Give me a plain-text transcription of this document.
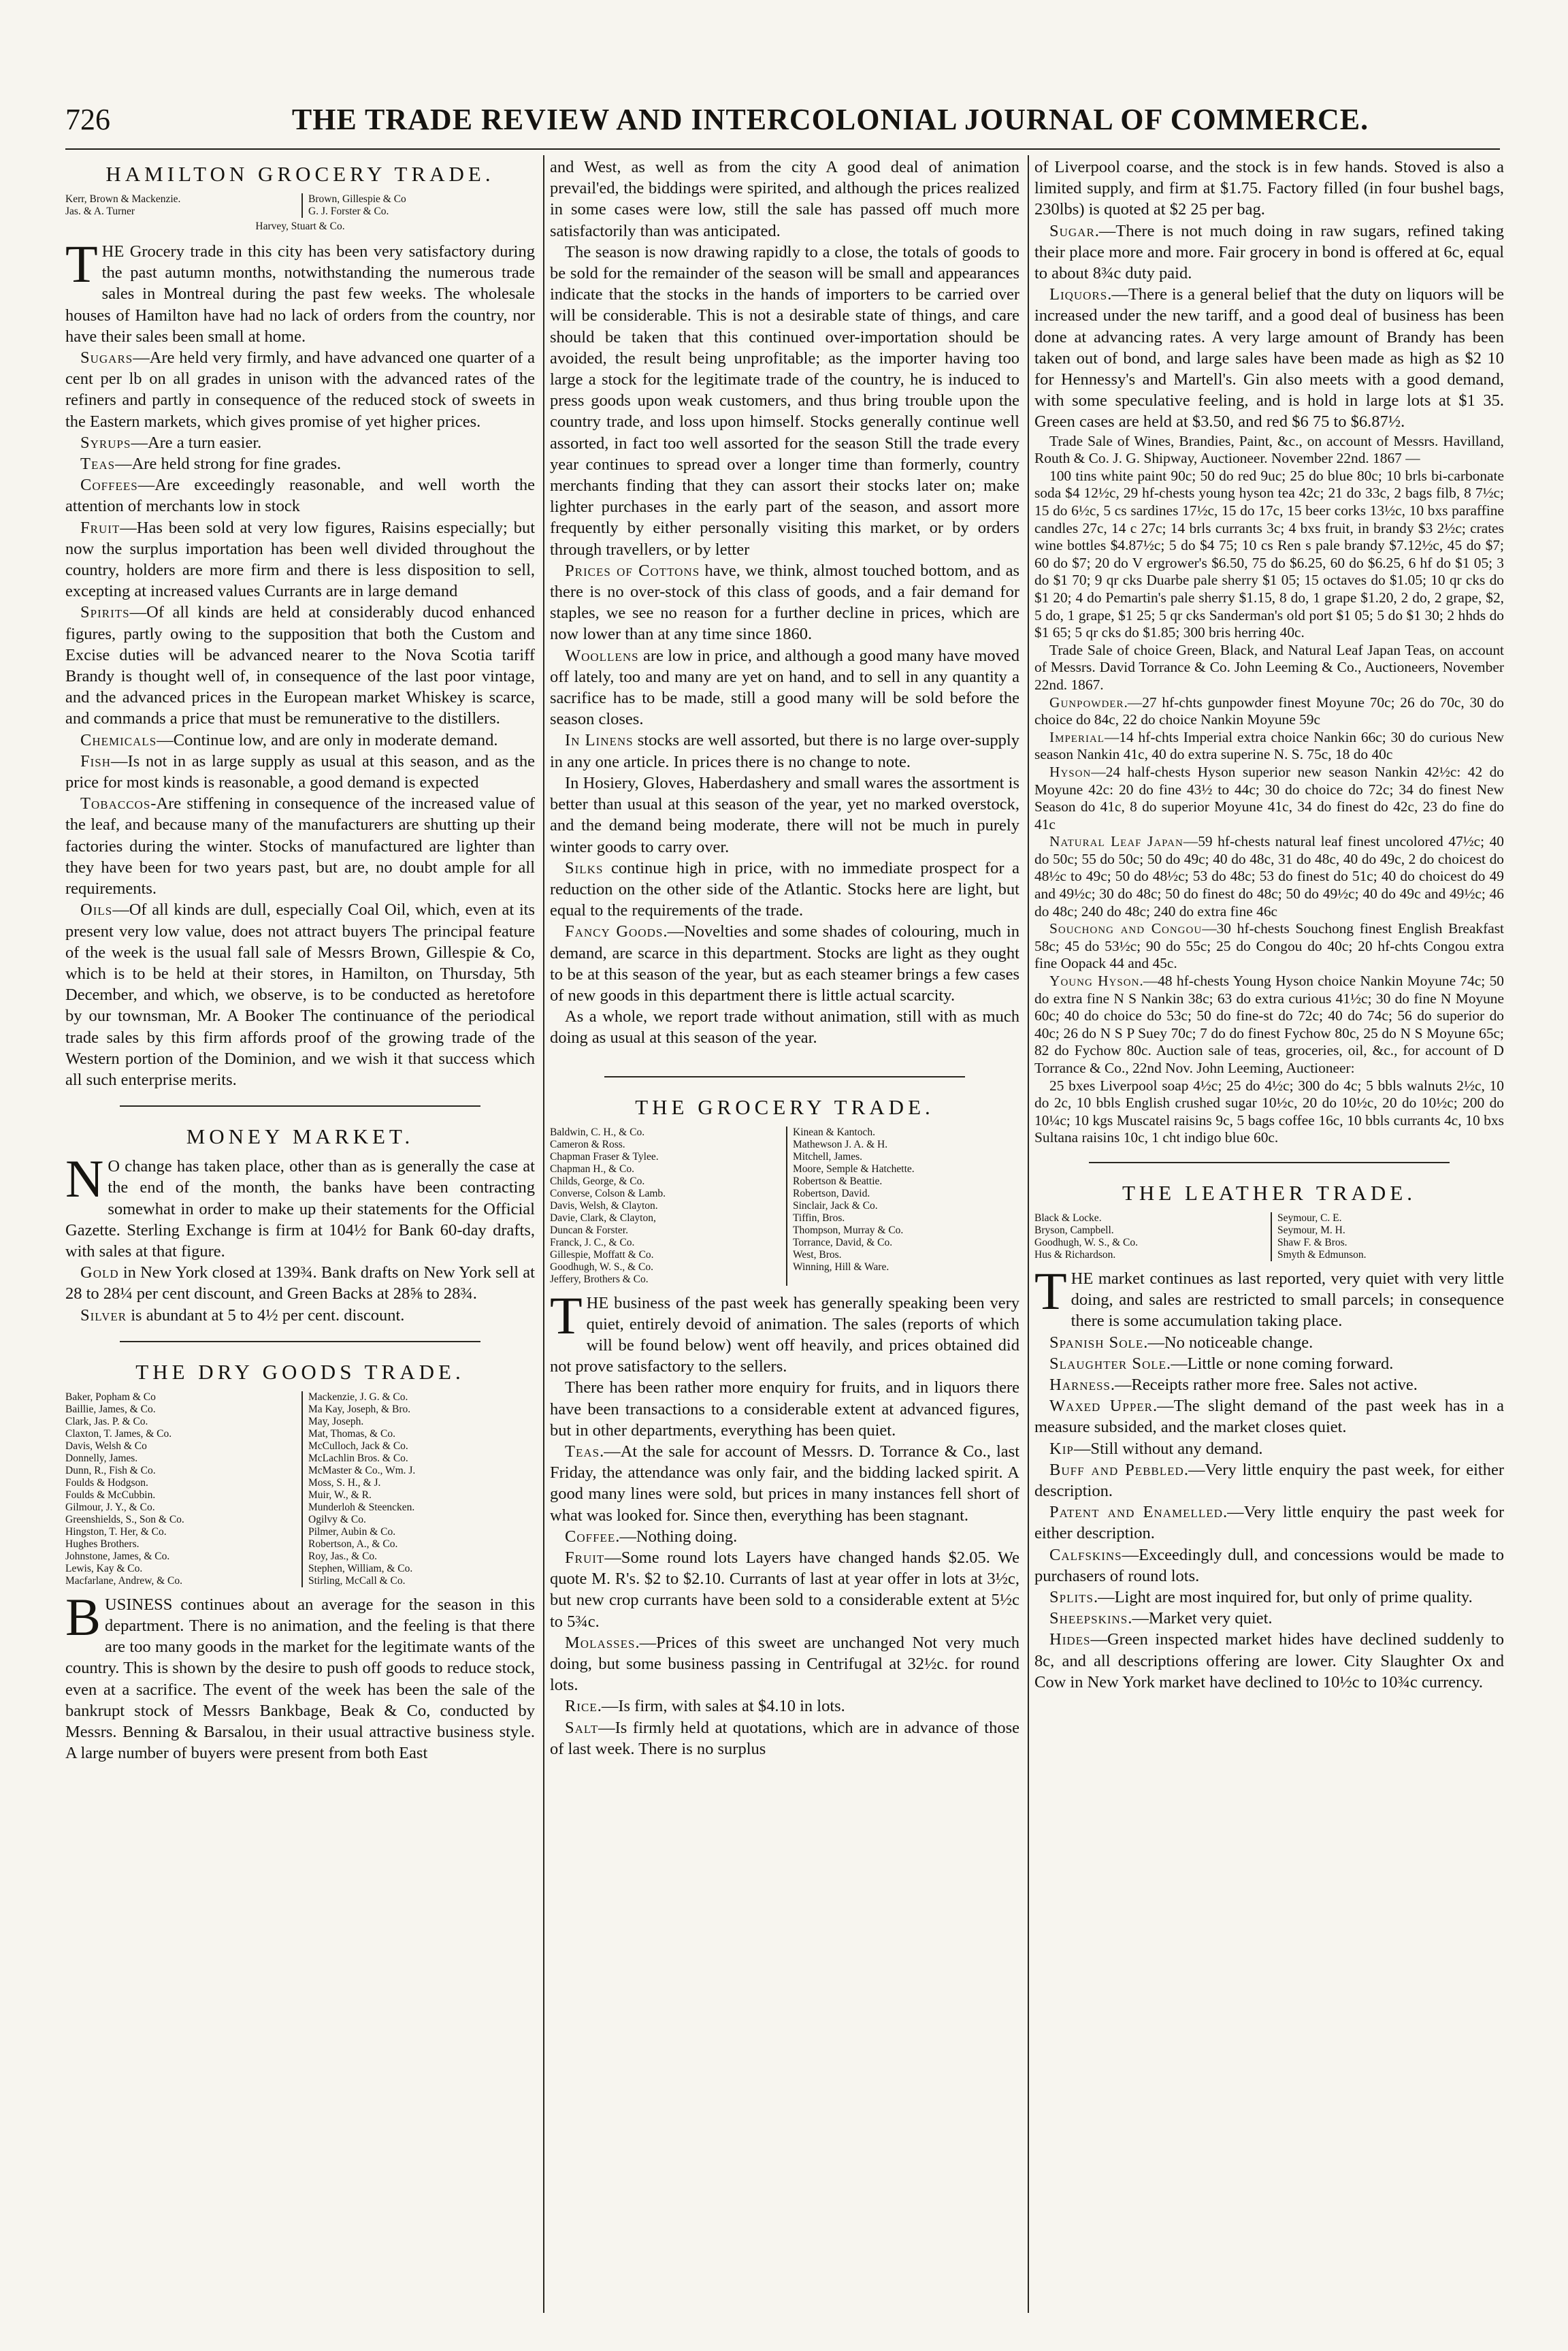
726	THE TRADE REVIEW AND INTERCOLONIAL JOURNAL OF COMMERCE.
HAMILTON GROCERY TRADE.
Kerr, Brown & Mackenzie.
Jas. & A. Turner
Brown, Gillespie & Co
G. J. Forster & Co.
Harvey, Stuart & Co.

THE Grocery trade in this city has been very satisfactory during the past autumn months, notwithstanding the numerous trade sales in Montreal during the past few weeks. The wholesale houses of Hamilton have had no lack of orders from the country, nor have their sales been small at home.

Sugars—Are held very firmly, and have advanced one quarter of a cent per lb on all grades in unison with the advanced rates of the refiners and partly in consequence of the reduced stock of sweets in the Eastern markets, which gives promise of yet higher prices.

Syrups—Are a turn easier.

Teas—Are held strong for fine grades.

Coffees—Are exceedingly reasonable, and well worth the attention of merchants low in stock

Fruit—Has been sold at very low figures, Raisins especially; but now the surplus importation has been well divided throughout the country, holders are more firm and there is less disposition to sell, excepting at increased values Currants are in large demand

Spirits—Of all kinds are held at considerably ducod enhanced figures, partly owing to the supposition that both the Custom and Excise duties will be advanced nearer to the Nova Scotia tariff Brandy is thought well of, in consequence of the last poor vintage, and the advanced prices in the European market Whiskey is scarce, and commands a price that must be remunerative to the distillers.

Chemicals—Continue low, and are only in moderate demand.

Fish—Is not in as large supply as usual at this season, and as the price for most kinds is reasonable, a good demand is expected

Tobaccos-Are stiffening in consequence of the increased value of the leaf, and because many of the manufacturers are shutting up their factories during the winter. Stocks of manufactured are lighter than they have been for two years past, but are, no doubt ample for all requirements.

Oils—Of all kinds are dull, especially Coal Oil, which, even at its present very low value, does not attract buyers The principal feature of the week is the usual fall sale of Messrs Brown, Gillespie & Co, which is to be held at their stores, in Hamilton, on Thursday, 5th December, and which, we observe, is to be conducted as heretofore by our townsman, Mr. A Booker The continuance of the periodical trade sales by this firm affords proof of the growing trade of the Western portion of the Dominion, and we wish it that success which all such enterprise merits.

MONEY MARKET.

N O change has taken place, other than as is generally the case at the end of the month, the banks have been contracting somewhat in order to make up their statements for the Official Gazette. Sterling Exchange is firm at 104½ for Bank 60-day drafts, with sales at that figure.

Gold in New York closed at 139¾. Bank drafts on New York sell at 28 to 28¼ per cent discount, and Green Backs at 28⅝ to 28¾.

Silver is abundant at 5 to 4½ per cent. discount.

THE DRY GOODS TRADE.
Baker, Popham & Co
Baillie, James, & Co.
Clark, Jas. P. & Co.
Claxton, T. James, & Co.
Davis, Welsh & Co
Donnelly, James.
Dunn, R., Fish & Co.
Foulds & Hodgson.
Foulds & McCubbin.
Gilmour, J. Y., & Co.
Greenshields, S., Son & Co.
Hingston, T. Her, & Co.
Hughes Brothers.
Johnstone, James, & Co.
Lewis, Kay & Co.
Macfarlane, Andrew, & Co.
Mackenzie, J. G. & Co.
Ma Kay, Joseph, & Bro.
May, Joseph.
Mat, Thomas, & Co.
McCulloch, Jack & Co.
McLachlin Bros. & Co.
McMaster & Co., Wm. J.
Moss, S. H., & J.
Muir, W., & R.
Munderloh & Steencken.
Ogilvy & Co.
Pilmer, Aubin & Co.
Robertson, A., & Co.
Roy, Jas., & Co.
Stephen, William, & Co.
Stirling, McCall & Co.

BUSINESS continues about an average for the season in this department. There is no animation, and the feeling is that there are too many goods in the market for the legitimate wants of the country. This is shown by the desire to push off goods to reduce stock, even at a sacrifice. The event of the week has been the sale of the bankrupt stock of Messrs Bankbage, Beak & Co, conducted by Messrs. Benning & Barsalou, in their usual attractive business style. A large number of buyers were present from both East

and West, as well as from the city A good deal of animation prevail'ed, the biddings were spirited, and although the prices realized in some cases were low, still the sale has passed off much more satisfactorily than was anticipated.

The season is now drawing rapidly to a close, the totals of goods to be sold for the remainder of the season will be small and appearances indicate that the stocks in the hands of importers to be carried over will be considerable. This is not a desirable state of things, and care should be taken that this continued over-importation should be avoided, the result being unprofitable; as the importer having too large a stock for the legitimate trade of the country, he is induced to press goods upon weak customers, and thus bring trouble upon the country trade, and loss upon himself. Stocks generally continue well assorted, in fact too well assorted for the season Still the trade every year continues to spread over a longer time than formerly, country merchants finding that they can assort their stocks later on; make lighter purchases in the early part of the season, and assort more frequently by either personally visiting this market, or by orders through travellers, or by letter

Prices of Cottons have, we think, almost touched bottom, and as there is no over-stock of this class of goods, and a fair demand for staples, we see no reason for a further decline in prices, which are now lower than at any time since 1860.

Woollens are low in price, and although a good many have moved off lately, too and many are yet on hand, and to sell in any quantity a sacrifice has to be made, still a good many will be sold before the season closes.

In Linens stocks are well assorted, but there is no large over-supply in any one article. In prices there is no change to note.

In Hosiery, Gloves, Haberdashery and small wares the assortment is better than usual at this season of the year, yet no marked overstock, and the demand being moderate, there will not be much in purely winter goods to carry over.

Silks continue high in price, with no immediate prospect for a reduction on the other side of the Atlantic. Stocks here are light, but equal to the requirements of the trade.

Fancy Goods.—Novelties and some shades of colouring, much in demand, are scarce in this department. Stocks are light as they ought to be at this season of the year, but as each steamer brings a few cases of new goods in this department there is little actual scarcity.

As a whole, we report trade without animation, still with as much doing as usual at this season of the year.

THE GROCERY TRADE.
Baldwin, C. H., & Co.
Cameron & Ross.
Chapman Fraser & Tylee.
Chapman H., & Co.
Childs, George, & Co.
Converse, Colson & Lamb.
Davis, Welsh, & Clayton.
Davie, Clark, & Clayton,
Duncan & Forster.
Franck, J. C., & Co.
Gillespie, Moffatt & Co.
Goodhugh, W. S., & Co.
Jeffery, Brothers & Co.
Kinean & Kantoch.
Mathewson J. A. & H.
Mitchell, James.
Moore, Semple & Hatchette.
Robertson & Beattie.
Robertson, David.
Sinclair, Jack & Co.
Tiffin, Bros.
Thompson, Murray & Co.
Torrance, David, & Co.
West, Bros.
Winning, Hill & Ware.

THE business of the past week has generally speaking been very quiet, entirely devoid of animation. The sales (reports of which will be found below) went off heavily, and prices obtained did not prove satisfactory to the sellers.

There has been rather more enquiry for fruits, and in liquors there have been transactions to a considerable extent at advanced figures, but in other departments, everything has been quiet.

Teas.—At the sale for account of Messrs. D. Torrance & Co., last Friday, the attendance was only fair, and the bidding lacked spirit. A good many lines were sold, but prices in many instances fell short of what was looked for. Since then, everything has been stagnant.

Coffee.—Nothing doing.

Fruit—Some round lots Layers have changed hands $2.05. We quote M. R's. $2 to $2.10. Currants of last at year offer in lots at 3½c, but new crop currants have been sold to a considerable extent at 5½c to 5¾c.

Molasses.—Prices of this sweet are unchanged Not very much doing, but some business passing in Centrifugal at 32½c. for round lots.

Rice.—Is firm, with sales at $4.10 in lots.

Salt—Is firmly held at quotations, which are in advance of those of last week. There is no surplus

of Liverpool coarse, and the stock is in few hands. Stoved is also a limited supply, and firm at $1.75. Factory filled (in four bushel bags, 230lbs) is quoted at $2 25 per bag.

Sugar.—There is not much doing in raw sugars, refined taking their place more and more. Fair grocery in bond is offered at 6c, equal to about 8¾c duty paid.

Liquors.—There is a general belief that the duty on liquors will be increased under the new tariff, and a good deal of business has been done at advancing rates. A very large amount of Brandy has been taken out of bond, and large sales have been made as high as $2 10 for Hennessy's and Martell's. Gin also meets with a good demand, with some speculative feeling, and is hold in large lots at $1 35. Green cases are held at $3.50, and red $6 75 to $6.87½.

Trade Sale of Wines, Brandies, Paint, &c., on account of Messrs. Havilland, Routh & Co. J. G. Shipway, Auctioneer. November 22nd. 1867 —

100 tins white paint 90c; 50 do red 9uc; 25 do blue 80c; 10 brls bi-carbonate soda $4 12½c, 29 hf-chests young hyson tea 42c; 21 do 33c, 2 bags filb, 8 7½c; 15 do 6½c, 5 cs sardines 17½c, 15 do 17c, 15 beer corks 13½c, 10 bxs paraffine candles 27c, 14 c 27c; 14 brls currants 3c; 4 bxs fruit, in brandy $3 2½c; crates wine bottles $4.87½c; 5 do $4 75; 10 cs Ren s pale brandy $7.12½c, 45 do $7; 60 do $7; 20 do V ergrower's $6.50, 75 do $6.25, 60 do $6.25, 6 hf do $1 05; 3 do $1 70; 9 qr cks Duarbe pale sherry $1 05; 15 octaves do $1.05; 10 qr cks do $1 20; 4 do Pemartin's pale sherry $1.15, 8 do, 1 grape $1.20, 2 do, 2 grape, $2, 5 do, 1 grape, $1 25; 5 qr cks Sanderman's old port $1 05; 5 do $1 30; 2 hhds do $1 65; 5 qr cks do $1.85; 300 bris herring 40c.

Trade Sale of choice Green, Black, and Natural Leaf Japan Teas, on account of Messrs. David Torrance & Co. John Leeming & Co., Auctioneers, November 22nd. 1867.

Gunpowder.—27 hf-chts gunpowder finest Moyune 70c; 26 do 70c, 30 do choice do 84c, 22 do choice Nankin Moyune 59c

Imperial—14 hf-chts Imperial extra choice Nankin 66c; 30 do curious New season Nankin 41c, 40 do extra superine N. S. 75c, 18 do 40c

Hyson—24 half-chests Hyson superior new season Nankin 42½c: 42 do Moyune 42c: 20 do fine 43½ to 44c; 30 do choice do 72c; 34 do finest New Season do 41c, 8 do superior Moyune 41c, 34 do finest do 42c, 23 do fine do 41c

Natural Leaf Japan—59 hf-chests natural leaf finest uncolored 47½c; 40 do 50c; 55 do 50c; 50 do 49c; 40 do 48c, 31 do 48c, 40 do 49c, 2 do choicest do 48½c to 49c; 50 do 48½c; 53 do 48c; 53 do finest do 51c; 40 do choicest do 49 and 49½c; 30 do 48c; 50 do finest do 48c; 50 do 49½c; 40 do 49c and 49½c; 46 do 48c; 240 do 48c; 240 do extra fine 46c

Souchong and Congou—30 hf-chests Souchong finest English Breakfast 58c; 45 do 53½c; 90 do 55c; 25 do Congou do 40c; 20 hf-chts Congou extra fine Oopack 44 and 45c.

Young Hyson.—48 hf-chests Young Hyson choice Nankin Moyune 74c; 50 do extra fine N S Nankin 38c; 63 do extra curious 41½c; 30 do fine N Moyune 60c; 40 do choice do 53c; 50 do fine-st do 72c; 40 do 74c; 56 do superior do 40c; 26 do N S P Suey 70c; 7 do do finest Fychow 80c, 25 do N S Moyune 65c; 82 do Fychow 80c. Auction sale of teas, groceries, oil, &c., for account of D Torrance & Co., 22nd Nov. John Leeming, Auctioneer:

25 bxes Liverpool soap 4½c; 25 do 4½c; 300 do 4c; 5 bbls walnuts 2½c, 10 do 2c, 10 bbls English crushed sugar 10½c, 20 do 10½c, 20 do 10½c; 200 do 10¼c; 10 kgs Muscatel raisins 9c, 5 bags coffee 16c, 10 bbls currants 4c, 10 bxs Sultana raisins 10c, 1 cht indigo blue 60c.

THE LEATHER TRADE.
Black & Locke.
Bryson, Campbell.
Goodhugh, W. S., & Co.
Hus & Richardson.
Seymour, C. E.
Seymour, M. H.
Shaw F. & Bros.
Smyth & Edmunson.

THE market continues as last reported, very quiet with very little doing, and sales are restricted to small parcels; in consequence there is some accumulation taking place.

Spanish Sole.—No noticeable change.

Slaughter Sole.—Little or none coming forward.

Harness.—Receipts rather more free. Sales not active.

Waxed Upper.—The slight demand of the past week has in a measure subsided, and the market closes quiet.

Kip—Still without any demand.

Buff and Pebbled.—Very little enquiry the past week, for either description.

Patent and Enamelled.—Very little enquiry the past week for either description.

Calfskins—Exceedingly dull, and concessions would be made to purchasers of round lots.

Splits.—Light are most inquired for, but only of prime quality.

Sheepskins.—Market very quiet.

Hides—Green inspected market hides have declined suddenly to 8c, and all descriptions offering are lower. City Slaughter Ox and Cow in New York market have declined to 10½c to 10¾c currency.
